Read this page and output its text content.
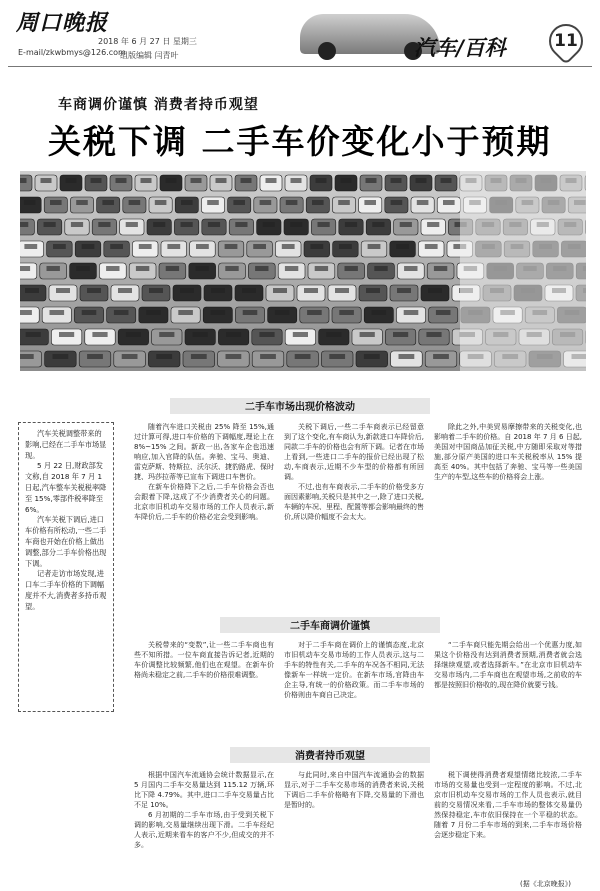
周口晚报
2018 年 6 月 27 日 星期三
E-mail/zkwbmys@126.com
组版编辑 闫青叶	汽车/百科	11
车商调价谨慎 消费者持币观望
关税下调 二手车价变化小于预期
二手车市场出现价格波动
二手车商调价谨慎
消费者持币观望

汽车关税调整带来的影响,已经在二手车市场显现。

5 月 22 日,财政部发文称,自 2018 年 7 月 1 日起,汽车整车关税税率降至 15%,零部件税率降至 6%。

汽车关税下调后,进口车价格有所松动,一些二手车商也开始在价格上做出调整,部分二手车价格出现下调。

记者走访市场发现,进口车二手车价格的下调幅度并不大,消费者多持币观望。

随着汽车进口关税由 25% 降至 15%,通过计算可得,进口车价格的下调幅度,理论上在 8%~15% 之间。新政一出,各家车企也迅速响应,加入官降的队伍。奔驰、宝马、奥迪、雷克萨斯、特斯拉、沃尔沃、捷豹路虎、保时捷、玛莎拉蒂等已宣布下调进口车售价。

在新车价格降下之后,二手车价格会否也会跟着下降,这成了不少消费者关心的问题。北京市旧机动车交易市场的工作人员表示,新车降价后,二手车的价格必定会受到影响。

关税下调后,一些二手车商表示已经留意到了这个变化,有车商认为,新款进口车降价后,同款二手车的价格也会有所下调。记者在市场上看到,一些进口二手车的报价已经出现了松动,车商表示,近期不少车型的价格都有所回调。

不过,也有车商表示,二手车的价格受多方面因素影响,关税只是其中之一,除了进口关税,车辆的车况、里程、配置等都会影响最终的售价,所以降价幅度不会太大。

除此之外,中美贸易摩擦带来的关税变化,也影响着二手车的价格。自 2018 年 7 月 6 日起,美国对中国商品加征关税,中方随即采取对等措施,部分原产美国的进口车关税税率从 15% 提高至 40%。其中包括了奔驰、宝马等一些美国生产的车型,这些车的价格将会上涨。

关税带来的“变数”,让一些二手车商也有些不知所措。一位车商直接告诉记者,近期的车价调整比较频繁,他们也在观望。在新车价格尚未稳定之前,二手车的价格很难调整。

对于二手车商在调价上的谨慎态度,北京市旧机动车交易市场的工作人员表示,这与二手车的特性有关,二手车的车况各不相同,无法像新车一样统一定价。在新车市场,官降由车企主导,有统一的价格政策。而二手车市场的价格则由车商自己决定。

“二手车商只能先期会给出一个优惠力度,如果这个价格没有达到消费者预期,消费者就会选择继续观望,或者选择新车。”在北京市旧机动车交易市场内,二手车商也在观望市场,之前收的车都是按照旧价格收的,现在降价就要亏钱。

根据中国汽车流通协会统计数据显示,在 5 月国内二手车交易量达到 115.12 万辆,环比下降 4.79%。其中,进口二手车交易量占比不足 10%。

6 月初期的二手车市场,由于受到关税下调的影响,交易量继续出现下滑。二手车经纪人表示,近期来看车的客户不少,但成交的并不多。

与此同时,来自中国汽车流通协会的数据显示,对于二手车交易市场的消费者来说,关税下调后二手车价格略有下降,交易量的下滑也是暂时的。

税下调使得消费者观望情绪比较浓,二手车市场的交易量也受到一定程度的影响。不过,北京市旧机动车交易市场的工作人员也表示,就目前的交易情况来看,二手车市场的整体交易量仍然保持稳定,车市依旧保持在一个平稳的状态。随着 7 月份二手车市场的到来,二手车市场价格会逐步稳定下来。

(据《北京晚报》)
